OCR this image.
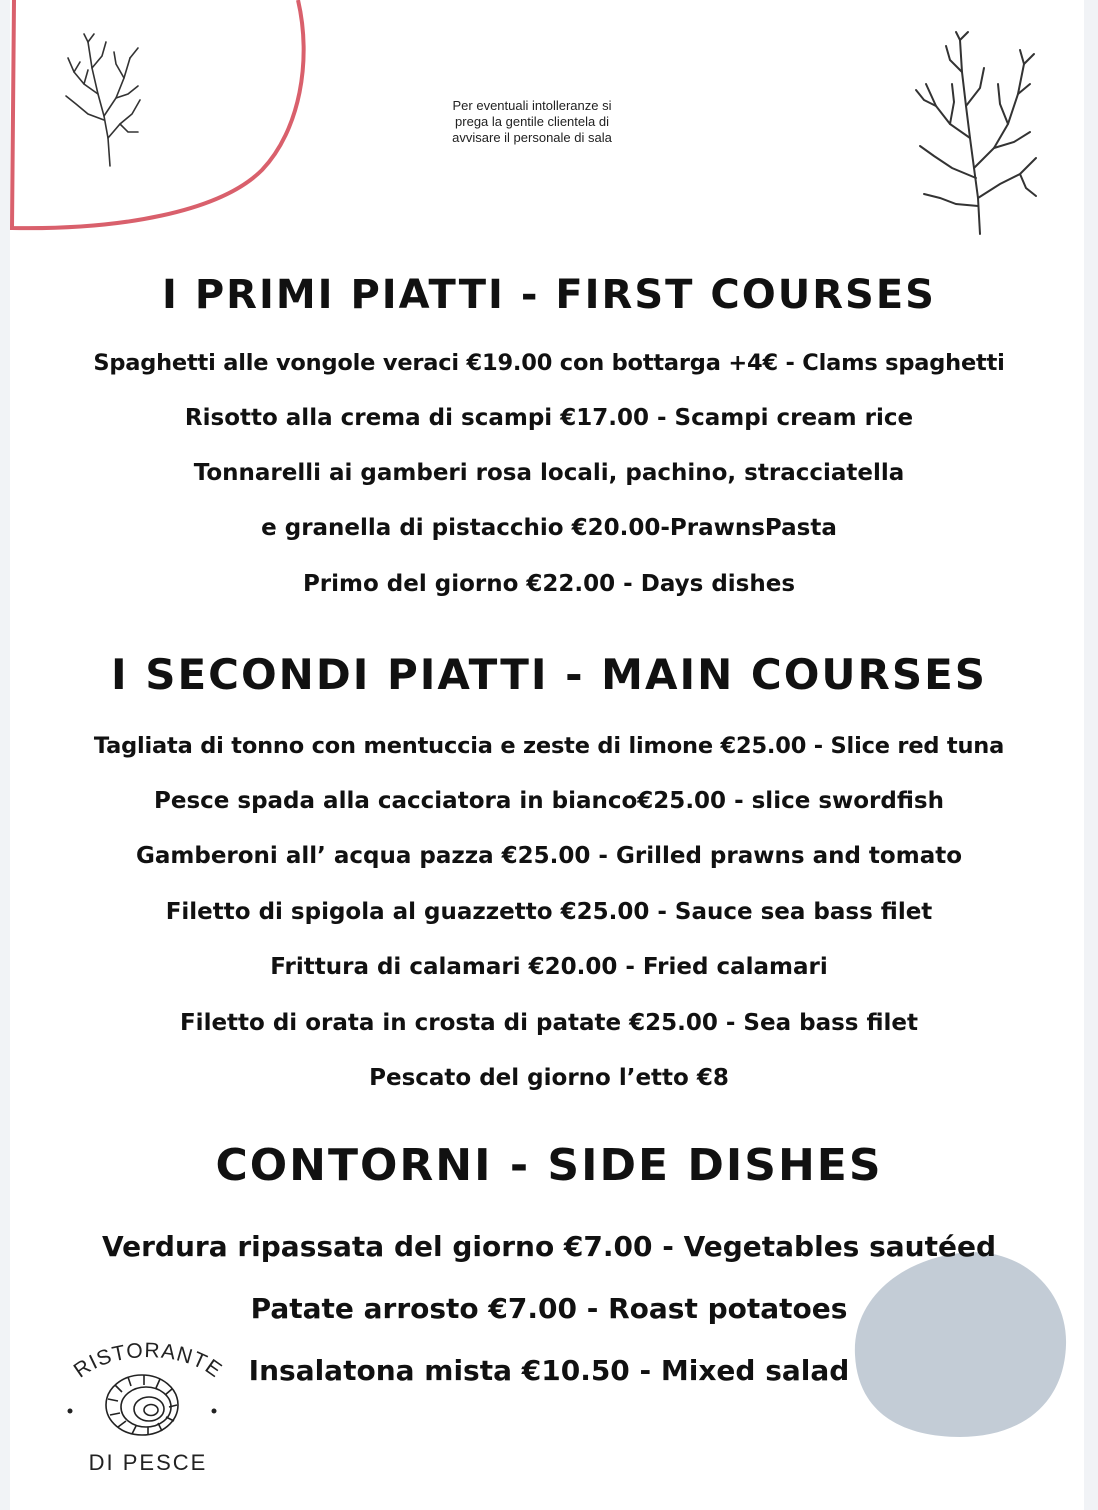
Per eventuali intolleranze si
prega la gentile clientela di
avvisare il personale di sala
I PRIMI PIATTI - FIRST COURSES
Spaghetti alle vongole veraci €19.00 con bottarga +4€ - Clams spaghetti
Risotto alla crema di scampi €17.00 - Scampi cream rice
Tonnarelli ai gamberi rosa locali, pachino, stracciatella
e granella di pistacchio €20.00-PrawnsPasta
Primo del giorno €22.00 - Days dishes
I SECONDI PIATTI - MAIN COURSES
Tagliata di tonno con mentuccia e zeste di limone €25.00 - Slice red tuna
Pesce spada alla cacciatora in bianco€25.00 - slice swordfish
Gamberoni all’ acqua pazza €25.00 - Grilled prawns and tomato
Filetto di spigola al guazzetto €25.00 - Sauce sea bass filet
Frittura di calamari €20.00 - Fried calamari
Filetto di orata in crosta di patate €25.00 - Sea bass filet
Pescato del giorno l’etto €8
CONTORNI - SIDE DISHES
Verdura ripassata del giorno €7.00 - Vegetables sautéed
Patate arrosto €7.00 - Roast potatoes
Insalatona mista €10.50 - Mixed salad
RISTORANTE
DI PESCE
